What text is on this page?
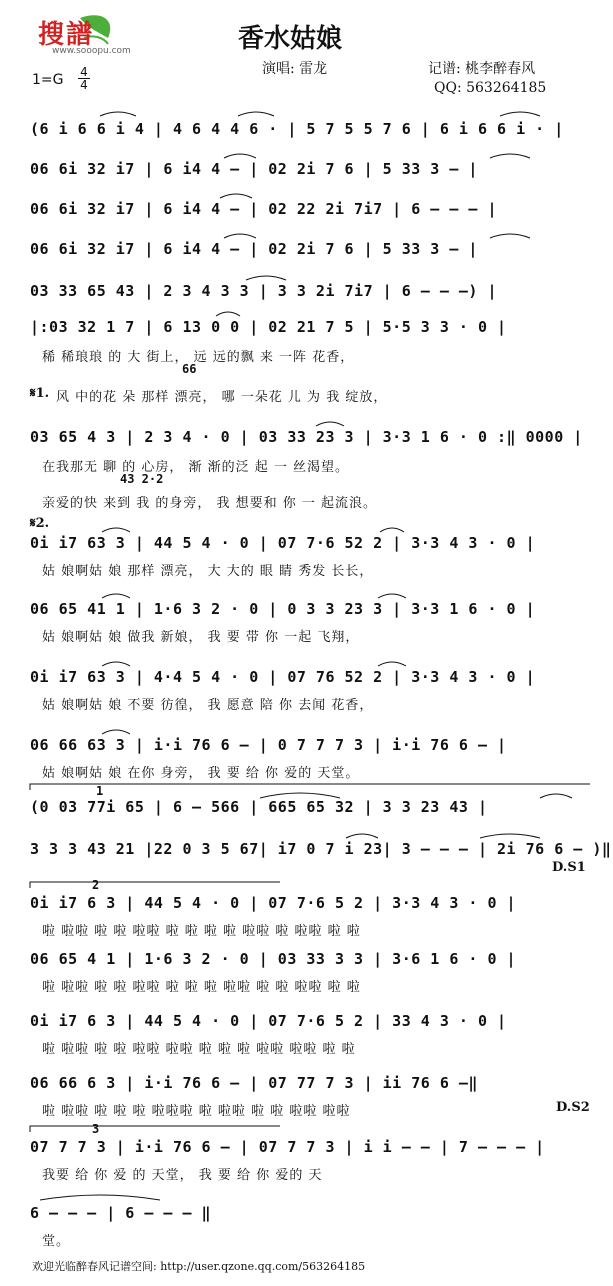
搜譜
www.sooopu.com	香水姑娘
演唱: 雷龙	记谱: 桃李醉春风
QQ: 563264185
1=G 4
4
(6 i 6 6 i 4 | 4 6 4 4 6 · | 5 7 5 5 7 6 | 6 i 6 6 i · |
06 6i 32 i7 | 6 i4 4 – | 02 2i 7 6 | 5 33 3 – |
06 6i 32 i7 | 6 i4 4 – | 02 22 2i 7i7 | 6 – – – |
06 6i 32 i7 | 6 i4 4 – | 02 2i 7 6 | 5 33 3 – |
03 33 65 43 | 2 3 4 3 3 | 3 3 2i 7i7 | 6 – – –) |
|:03 32 1 7 | 6 13 0 0 | 02 21 7 5 | 5·5 3 3 · 0 |
稀 稀琅琅 的 大 街上， 远 远的飘 来 一阵 花香，
66
𝄋1. 风 中的花 朵 那样 漂亮， 哪 一朵花 儿 为 我 绽放，
03 65 4 3 | 2 3 4 · 0 | 03 33 23 3 | 3·3 1 6 · 0 :‖ 0000 |
在我那无 聊 的 心房， 渐 渐的泛 起 一 丝渴望。
43 2·2
亲爱的快 来到 我 的身旁， 我 想要和 你 一 起流浪。
𝄋2.
0i i7 63 3 | 44 5 4 · 0 | 07 7·6 52 2 | 3·3 4 3 · 0 |
姑 娘啊姑 娘 那样 漂亮， 大 大的 眼 睛 秀发 长长，
06 65 41 1 | 1·6 3 2 · 0 | 0 3 3 23 3 | 3·3 1 6 · 0 |
姑 娘啊姑 娘 做我 新娘， 我 要 带 你 一起 飞翔，
0i i7 63 3 | 4·4 5 4 · 0 | 07 76 52 2 | 3·3 4 3 · 0 |
姑 娘啊姑 娘 不要 彷徨， 我 愿意 陪 你 去闻 花香，
06 66 63 3 | i·i 76 6 – | 0 7 7 7 3 | i·i 76 6 – |
姑 娘啊姑 娘 在你 身旁， 我 要 给 你 爱的 天堂。
1
(0 03 77i 65 | 6 – 566 | 665 65 32 | 3 3 23 43 |
3 3 3 43 21 |22 0 3 5 67| i7 0 7 i 23| 3 – – – | 2i 76 6 – )‖
D.S1
2
0i i7 6 3 | 44 5 4 · 0 | 07 7·6 5 2 | 3·3 4 3 · 0 |
啦 啦啦 啦 啦 啦啦 啦 啦 啦 啦 啦啦 啦 啦啦 啦 啦
06 65 4 1 | 1·6 3 2 · 0 | 03 33 3 3 | 3·6 1 6 · 0 |
啦 啦啦 啦 啦 啦啦 啦 啦 啦 啦啦 啦 啦 啦啦 啦 啦
0i i7 6 3 | 44 5 4 · 0 | 07 7·6 5 2 | 33 4 3 · 0 |
啦 啦啦 啦 啦 啦啦 啦啦 啦 啦 啦 啦啦 啦啦 啦 啦
06 66 6 3 | i·i 76 6 – | 07 77 7 3 | ii 76 6 –‖
啦 啦啦 啦 啦 啦 啦啦啦 啦 啦啦 啦 啦 啦啦 啦啦	D.S2
3
07 7 7 3 | i·i 76 6 – | 07 7 7 3 | i i – – | 7 – – – |
我要 给 你 爱 的 天堂， 我 要 给 你 爱的 天
6 – – – | 6 – – – ‖
堂。
欢迎光临醉春风记谱空间: http://user.qzone.qq.com/563264185
